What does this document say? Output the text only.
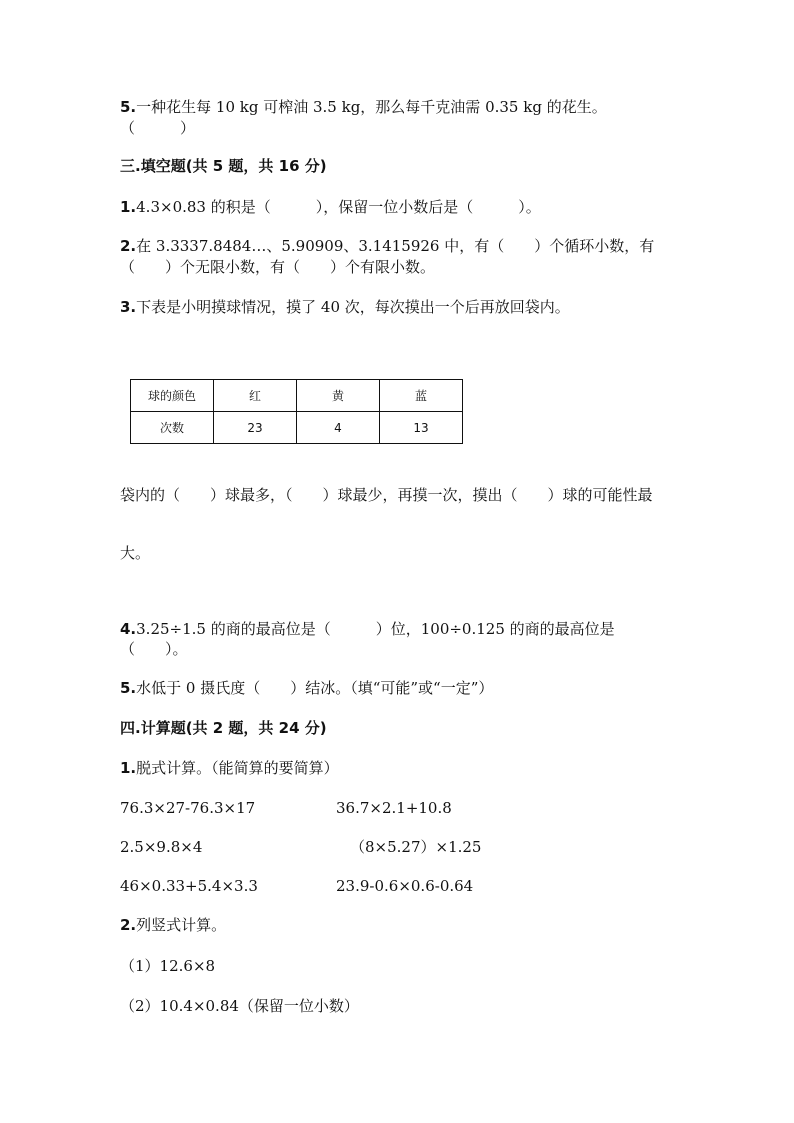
5.一种花生每 10 kg 可榨油 3.5 kg，那么每千克油需 0.35 kg 的花生。
（　　　）
三.填空题(共 5 题，共 16 分)
1.4.3×0.83 的积是（　　　），保留一位小数后是（　　　）。
2.在 3.3337.8484…、5.90909、3.1415926 中，有（　　）个循环小数，有
（　　）个无限小数，有（　　）个有限小数。
3.下表是小明摸球情况，摸了 40 次，每次摸出一个后再放回袋内。
球的颜色	红	黄	蓝
次数	23	4	13
袋内的（　　）球最多，（　　）球最少，再摸一次，摸出（　　）球的可能性最
大。
4.3.25÷1.5 的商的最高位是（　　　）位，100÷0.125 的商的最高位是
（　　）。
5.水低于 0 摄氏度（　　）结冰。（填“可能”或“一定”）
四.计算题(共 2 题，共 24 分)
1.脱式计算。（能简算的要简算）
76.3×27-76.3×17	36.7×2.1+10.8
2.5×9.8×4	（8×5.27）×1.25
46×0.33+5.4×3.3	23.9-0.6×0.6-0.64
2.列竖式计算。
（1）12.6×8
（2）10.4×0.84（保留一位小数）
